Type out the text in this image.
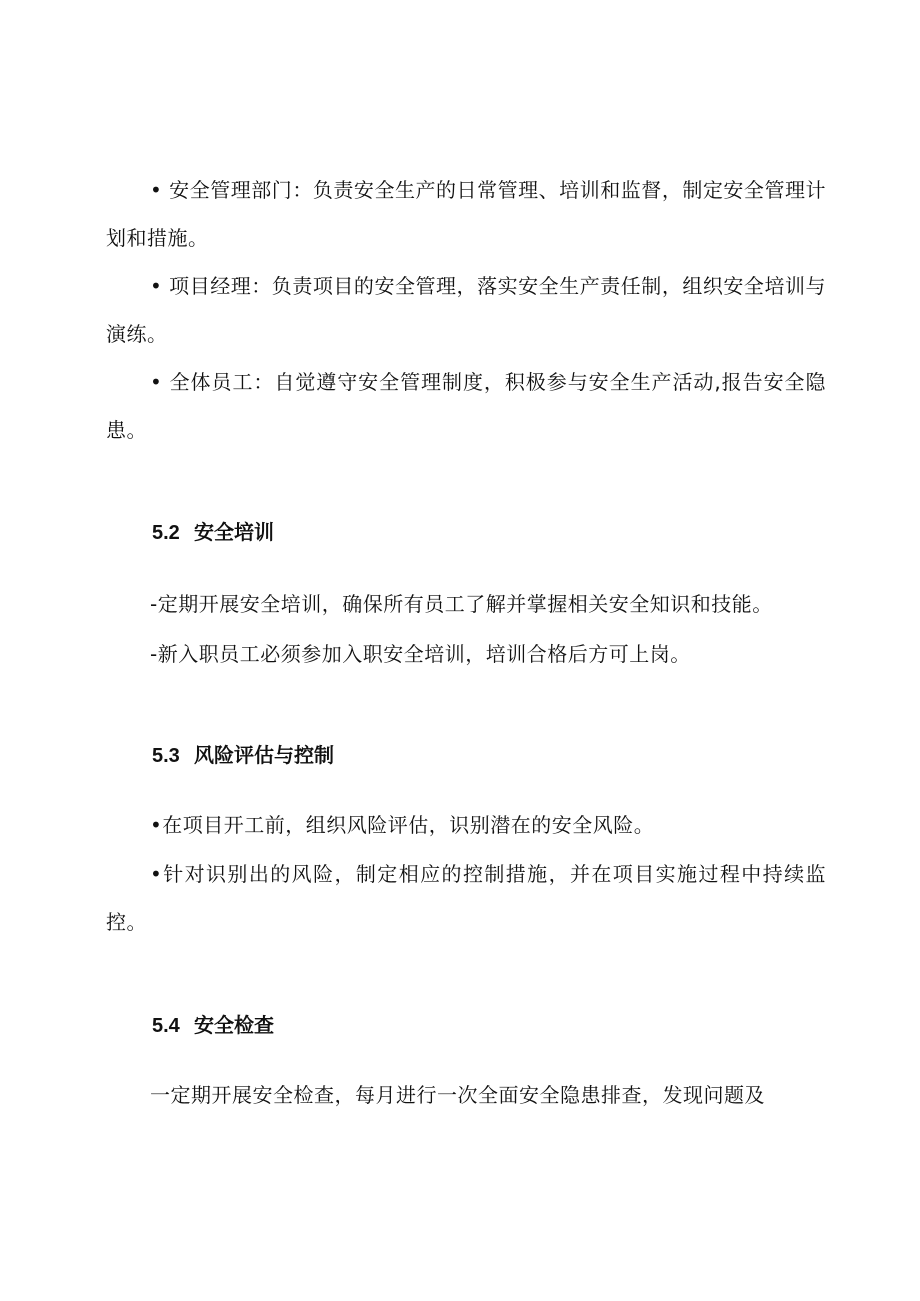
• 安全管理部门：负责安全生产的日常管理、培训和监督，制定安全管理计划和措施。

• 项目经理：负责项目的安全管理，落实安全生产责任制，组织安全培训与演练。

• 全体员工：自觉遵守安全管理制度，积极参与安全生产活动,报告安全隐患。

5.2 安全培训

-定期开展安全培训，确保所有员工了解并掌握相关安全知识和技能。

-新入职员工必须参加入职安全培训，培训合格后方可上岗。

5.3 风险评估与控制

•在项目开工前，组织风险评估，识别潜在的安全风险。

•针对识别出的风险，制定相应的控制措施，并在项目实施过程中持续监控。

5.4 安全检查

一定期开展安全检查，每月进行一次全面安全隐患排查，发现问题及
